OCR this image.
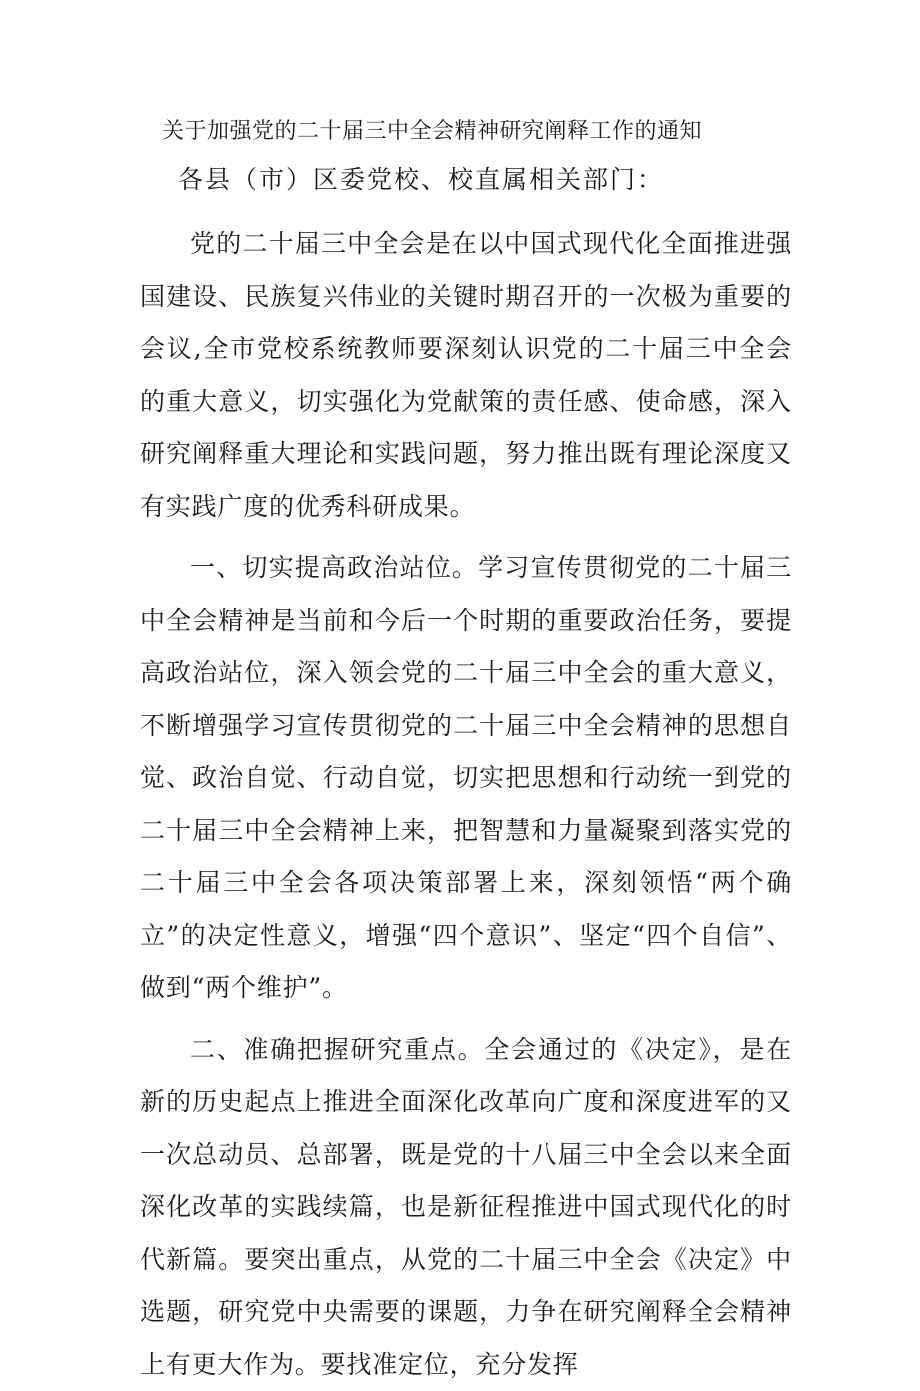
关于加强党的二十届三中全会精神研究阐释工作的通知
各县（市）区委党校、校直属相关部门：

党的二十届三中全会是在以中国式现代化全面推进强国建设、民族复兴伟业的关键时期召开的一次极为重要的会议,全市党校系统教师要深刻认识党的二十届三中全会的重大意义，切实强化为党献策的责任感、使命感，深入研究阐释重大理论和实践问题，努力推出既有理论深度又有实践广度的优秀科研成果。

一、切实提高政治站位。学习宣传贯彻党的二十届三中全会精神是当前和今后一个时期的重要政治任务，要提高政治站位，深入领会党的二十届三中全会的重大意义，不断增强学习宣传贯彻党的二十届三中全会精神的思想自觉、政治自觉、行动自觉，切实把思想和行动统一到党的二十届三中全会精神上来，把智慧和力量凝聚到落实党的二十届三中全会各项决策部署上来，深刻领悟“两个确立”的决定性意义，增强“四个意识”、坚定“四个自信”、做到“两个维护”。

二、准确把握研究重点。全会通过的《决定》，是在新的历史起点上推进全面深化改革向广度和深度进军的又一次总动员、总部署，既是党的十八届三中全会以来全面深化改革的实践续篇，也是新征程推进中国式现代化的时代新篇。要突出重点，从党的二十届三中全会《决定》中选题，研究党中央需要的课题，力争在研究阐释全会精神上有更大作为。要找准定位，充分发挥
